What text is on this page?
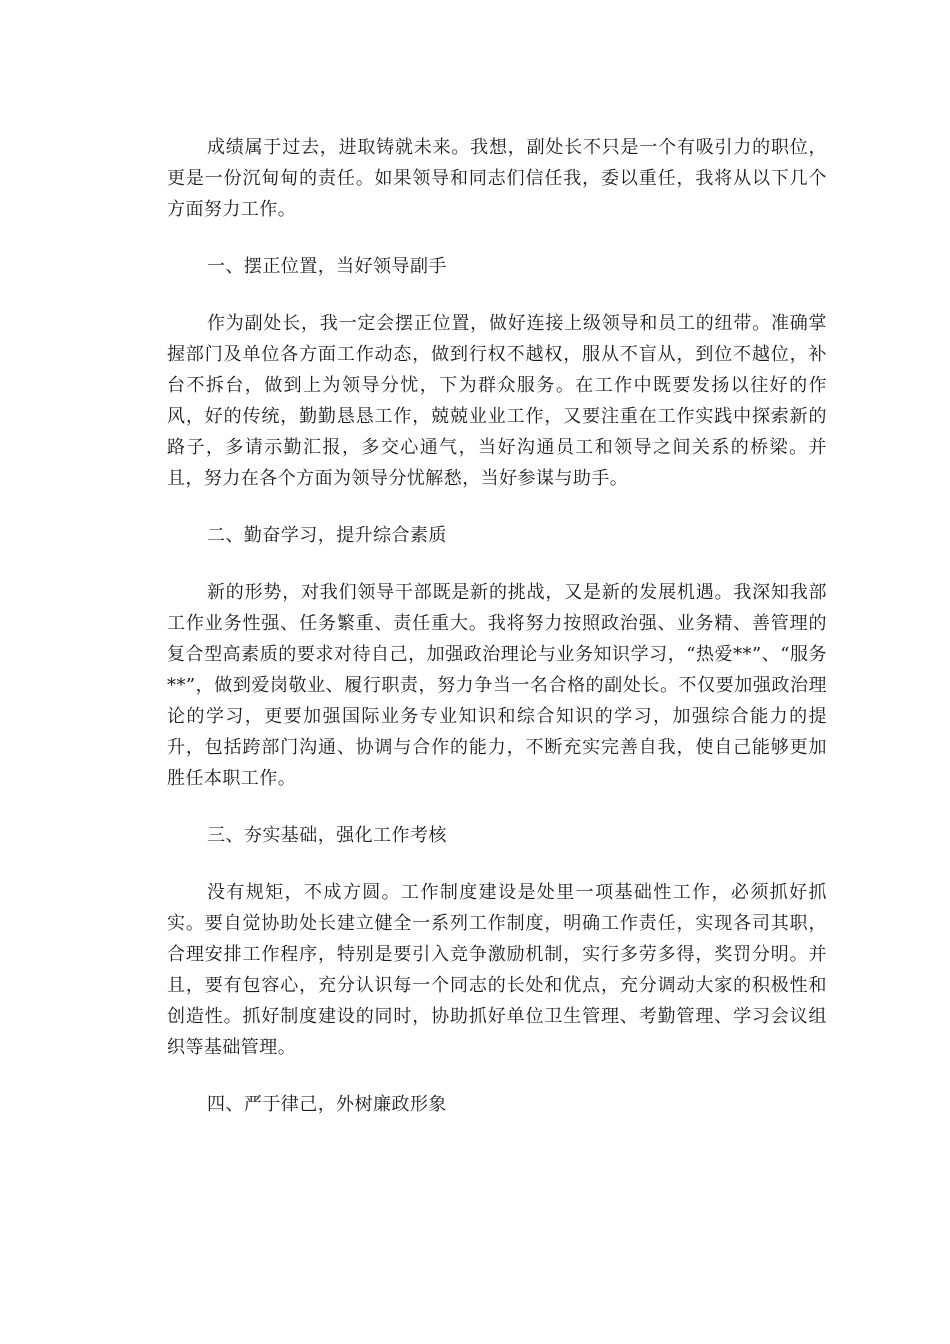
成绩属于过去，进取铸就未来。我想，副处长不只是一个有吸引力的职位，更是一份沉甸甸的责任。如果领导和同志们信任我，委以重任，我将从以下几个方面努力工作。

一、摆正位置，当好领导副手

作为副处长，我一定会摆正位置，做好连接上级领导和员工的纽带。准确掌握部门及单位各方面工作动态，做到行权不越权，服从不盲从，到位不越位，补台不拆台，做到上为领导分忧，下为群众服务。在工作中既要发扬以往好的作风，好的传统，勤勤恳恳工作，兢兢业业工作，又要注重在工作实践中探索新的路子，多请示勤汇报，多交心通气，当好沟通员工和领导之间关系的桥梁。并且，努力在各个方面为领导分忧解愁，当好参谋与助手。

二、勤奋学习，提升综合素质

新的形势，对我们领导干部既是新的挑战，又是新的发展机遇。我深知我部工作业务性强、任务繁重、责任重大。我将努力按照政治强、业务精、善管理的复合型高素质的要求对待自己，加强政治理论与业务知识学习，“热爱**”、“服务**”，做到爱岗敬业、履行职责，努力争当一名合格的副处长。不仅要加强政治理论的学习，更要加强国际业务专业知识和综合知识的学习，加强综合能力的提升，包括跨部门沟通、协调与合作的能力，不断充实完善自我，使自己能够更加胜任本职工作。

三、夯实基础，强化工作考核

没有规矩，不成方圆。工作制度建设是处里一项基础性工作，必须抓好抓实。要自觉协助处长建立健全一系列工作制度，明确工作责任，实现各司其职，合理安排工作程序，特别是要引入竞争激励机制，实行多劳多得，奖罚分明。并且，要有包容心，充分认识每一个同志的长处和优点，充分调动大家的积极性和创造性。抓好制度建设的同时，协助抓好单位卫生管理、考勤管理、学习会议组织等基础管理。

四、严于律己，外树廉政形象
